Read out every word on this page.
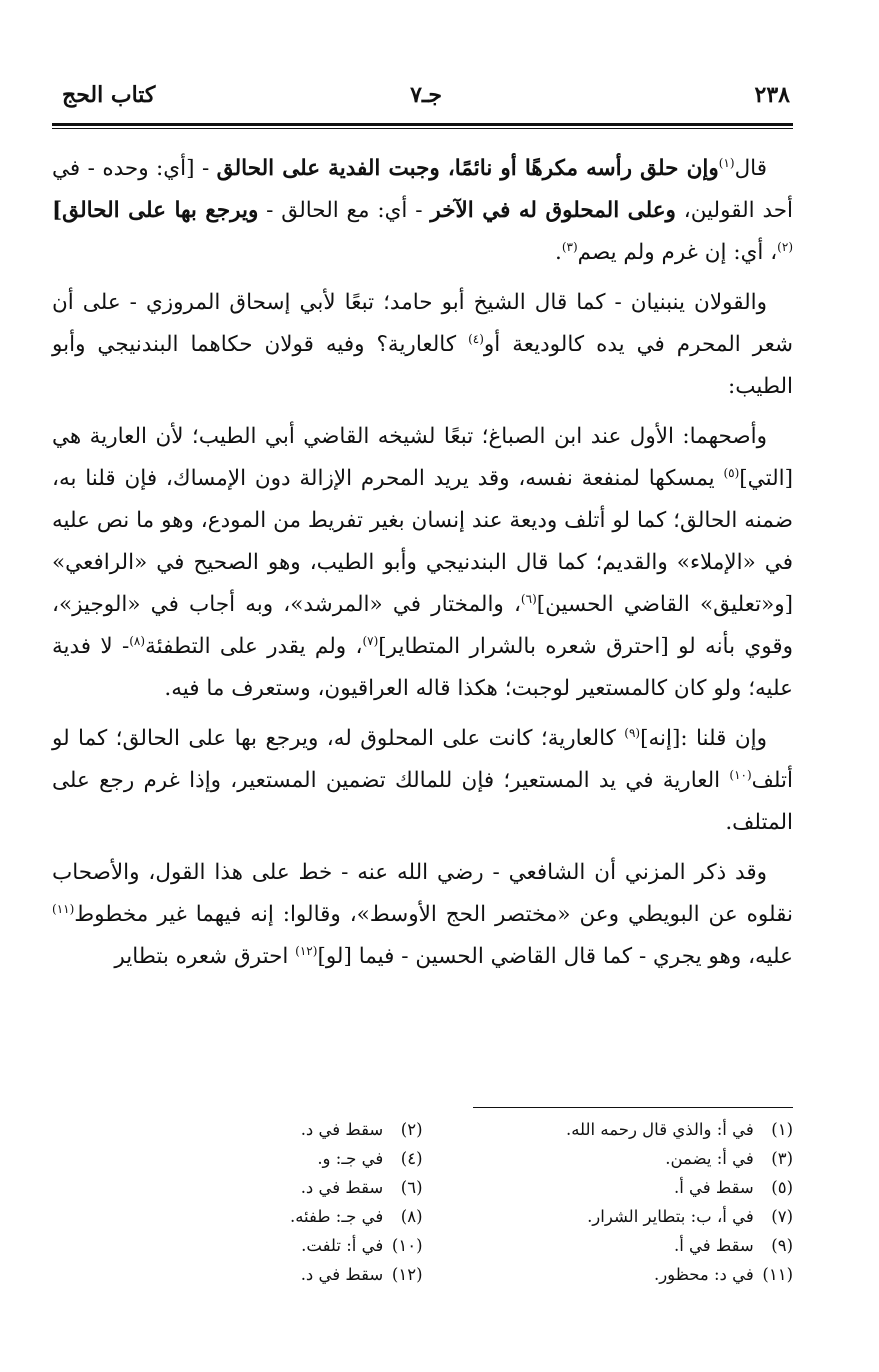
٢٣٨
جـ٧
كتاب الحج

قال$^{(١)}$وإن حلق رأسه مكرهًا أو نائمًا، وجبت الفدية على الحالق - [أي: وحده - في أحد القولين، وعلى المحلوق له في الآخر - أي: مع الحالق - ويرجع بها على الحالق]$^{(٢)}$، أي: إن غرم ولم يصم$^{(٣)}$.

والقولان ينبنيان - كما قال الشيخ أبو حامد؛ تبعًا لأبي إسحاق المروزي - على أن شعر المحرم في يده كالوديعة أو$^{(٤)}$ كالعارية؟ وفيه قولان حكاهما البندنيجي وأبو الطيب:

وأصحهما: الأول عند ابن الصباغ؛ تبعًا لشيخه القاضي أبي الطيب؛ لأن العارية هي [التي]$^{(٥)}$ يمسكها لمنفعة نفسه، وقد يريد المحرم الإزالة دون الإمساك، فإن قلنا به، ضمنه الحالق؛ كما لو أتلف وديعة عند إنسان بغير تفريط من المودع، وهو ما نص عليه في «الإملاء» والقديم؛ كما قال البندنيجي وأبو الطيب، وهو الصحيح في «الرافعي» [و«تعليق» القاضي الحسين]$^{(٦)}$، والمختار في «المرشد»، وبه أجاب في «الوجيز»، وقوي بأنه لو [احترق شعره بالشرار المتطاير]$^{(٧)}$، ولم يقدر على التطفئة$^{(٨)}$- لا فدية عليه؛ ولو كان كالمستعير لوجبت؛ هكذا قاله العراقيون، وستعرف ما فيه.

وإن قلنا :[إنه]$^{(٩)}$ كالعارية؛ كانت على المحلوق له، ويرجع بها على الحالق؛ كما لو أتلف$^{(١٠)}$ العارية في يد المستعير؛ فإن للمالك تضمين المستعير، وإذا غرم رجع على المتلف.

وقد ذكر المزني أن الشافعي - رضي الله عنه - خط على هذا القول، والأصحاب نقلوه عن البويطي وعن «مختصر الحج الأوسط»، وقالوا: إنه فيهما غير مخطوط$^{(١١)}$ عليه، وهو يجري - كما قال القاضي الحسين - فيما [لو]$^{(١٢)}$ احترق شعره بتطاير

(١) في أ: والذي قال رحمه الله.
(٢) سقط في د.
(٣) في أ: يضمن.
(٤) في جـ: و.
(٥) سقط في أ.
(٦) سقط في د.
(٧) في أ، ب: بتطاير الشرار.
(٨) في جـ: طفئه.
(٩) سقط في أ.
(١٠) في أ: تلفت.
(١١) في د: محظور.
(١٢) سقط في د.
